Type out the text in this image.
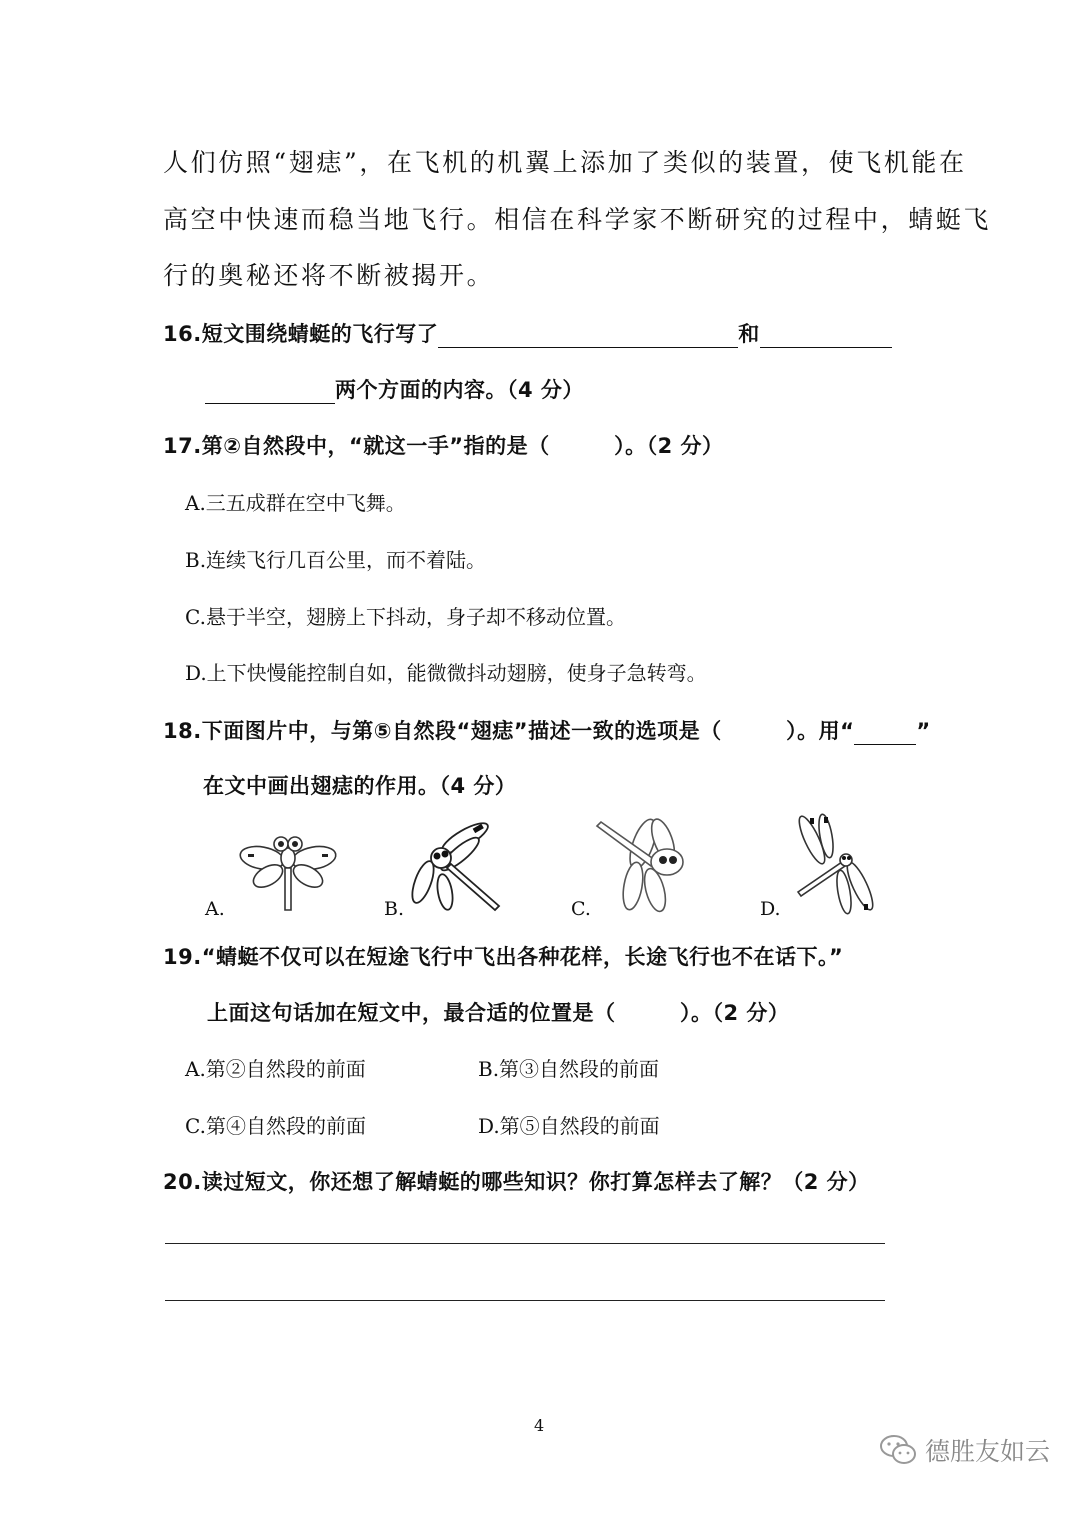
人们仿照“翅痣”，在飞机的机翼上添加了类似的装置，使飞机能在
高空中快速而稳当地飞行。相信在科学家不断研究的过程中，蜻蜓飞
行的奥秘还将不断被揭开。
16.短文围绕蜻蜓的飞行写了	和
两个方面的内容。（4 分）
17.第②自然段中，“就这一手”指的是（　　　）。（2 分）
A.三五成群在空中飞舞。
B.连续飞行几百公里，而不着陆。
C.悬于半空，翅膀上下抖动，身子却不移动位置。
D.上下快慢能控制自如，能微微抖动翅膀，使身子急转弯。
18.下面图片中，与第⑤自然段“翅痣”描述一致的选项是（　　　）。用“	”
在文中画出翅痣的作用。（4 分）
A.	B.	C.	D.
19.“蜻蜓不仅可以在短途飞行中飞出各种花样，长途飞行也不在话下。”
上面这句话加在短文中，最合适的位置是（　　　）。（2 分）
A.第②自然段的前面	B.第③自然段的前面
C.第④自然段的前面	D.第⑤自然段的前面
20.读过短文，你还想了解蜻蜓的哪些知识？你打算怎样去了解？（2 分）
4
德胜友如云
